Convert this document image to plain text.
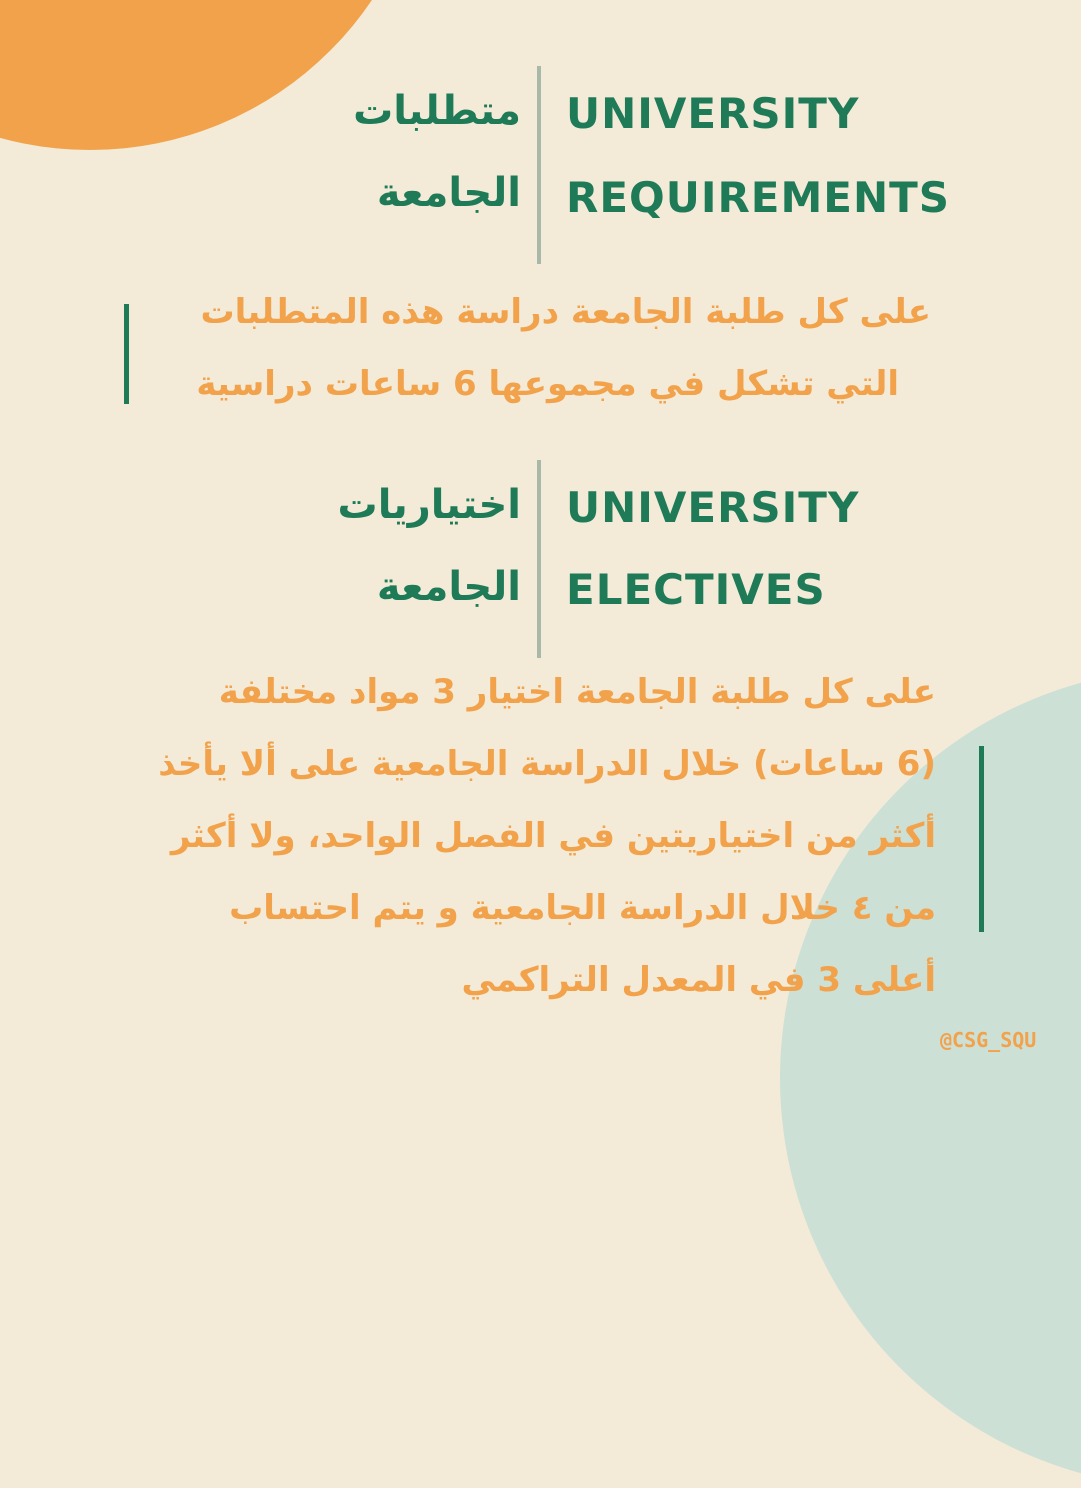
متطلبات
الجامعة
UNIVERSITY
REQUIREMENTS
على كل طلبة الجامعة دراسة هذه المتطلبات
التي تشكل في مجموعها 6 ساعات دراسية
اختياريات
الجامعة
UNIVERSITY
ELECTIVES
على كل طلبة الجامعة اختيار 3 مواد مختلفة
(6 ساعات) خلال الدراسة الجامعية على ألا يأخذ
أكثر من اختياريتين في الفصل الواحد، ولا أكثر
من ٤ خلال الدراسة الجامعية و يتم احتساب
أعلى 3 في المعدل التراكمي
@CSG_SQU
